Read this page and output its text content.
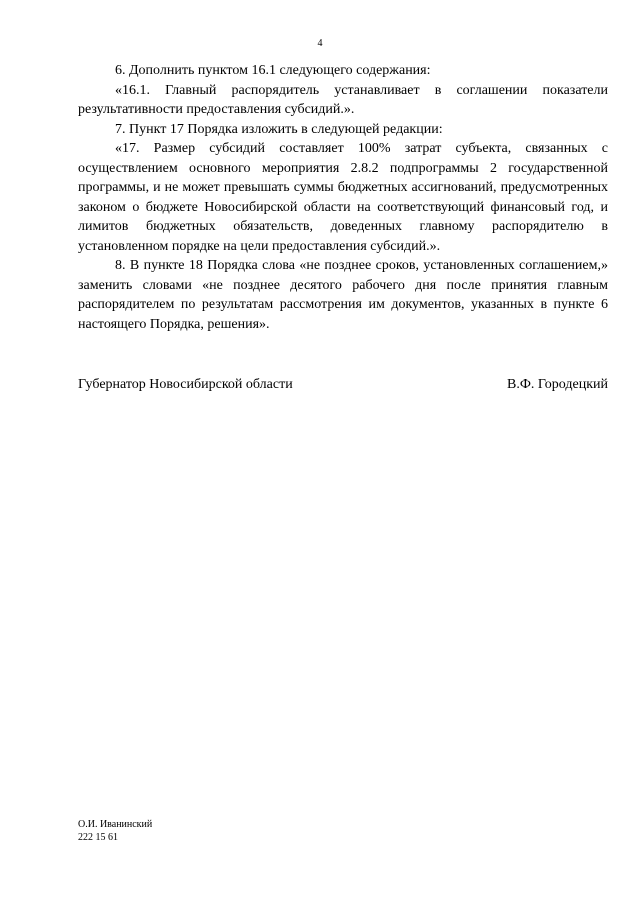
4

6. Дополнить пунктом 16.1 следующего содержания:

«16.1. Главный распорядитель устанавливает в соглашении показатели результативности предоставления субсидий.».

7. Пункт 17 Порядка изложить в следующей редакции:

«17. Размер субсидий составляет 100% затрат субъекта, связанных с осуществлением основного мероприятия 2.8.2 подпрограммы 2 государственной программы, и не может превышать суммы бюджетных ассигнований, предусмотренных законом о бюджете Новосибирской области на соответствующий финансовый год, и лимитов бюджетных обязательств, доведенных главному распорядителю в установленном порядке на цели предоставления субсидий.».

8. В пункте 18 Порядка слова «не позднее сроков, установленных соглашением,» заменить словами «не позднее десятого рабочего дня после принятия главным распорядителем по результатам рассмотрения им документов, указанных в пункте 6 настоящего Порядка, решения».

Губернатор Новосибирской области	В.Ф. Городецкий
О.И. Иванинский
222 15 61
